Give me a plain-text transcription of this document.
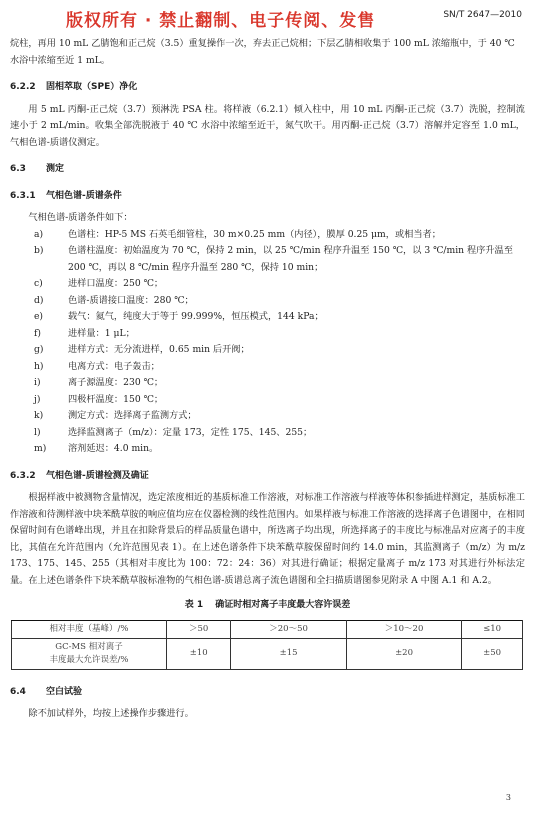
版权所有 · 禁止翻制、电子传阅、发售	SN/T 2647—2010

烷柱，再用 10 mL 乙腈饱和正己烷（3.5）重复操作一次，弃去正己烷相；下层乙腈相收集于 100 mL 浓缩瓶中，于 40 ℃ 水浴中浓缩至近 1 mL。

6.2.2 固相萃取（SPE）净化

用 5 mL 丙酮-正己烷（3.7）预淋洗 PSA 柱。将样液（6.2.1）倾入柱中，用 10 mL 丙酮-正己烷（3.7）洗脱，控制流速小于 2 mL/min。收集全部洗脱液于 40 ℃ 水浴中浓缩至近干，氮气吹干。用丙酮-正己烷（3.7）溶解并定容至 1.0 mL，气相色谱-质谱仪测定。

6.3 测定
6.3.1 气相色谱-质谱条件

气相色谱-质谱条件如下：

a)	色谱柱：HP-5 MS 石英毛细管柱，30 m×0.25 mm（内径），膜厚 0.25 μm，或相当者；
b)	色谱柱温度：初始温度为 70 ℃，保持 2 min，以 25 ℃/min 程序升温至 150 ℃，以 3 ℃/min 程序升温至 200 ℃，再以 8 ℃/min 程序升温至 280 ℃，保持 10 min；
c)	进样口温度：250 ℃；
d)	色谱-质谱接口温度：280 ℃；
e)	载气：氦气，纯度大于等于 99.999%，恒压模式，144 kPa；
f)	进样量：1 μL；
g)	进样方式：无分流进样，0.65 min 后开阀；
h)	电离方式：电子轰击；
i)	离子源温度：230 ℃；
j)	四极杆温度：150 ℃；
k)	测定方式：选择离子监测方式；
l)	选择监测离子（m/z）：定量 173，定性 175、145、255；
m) 溶剂延迟：4.0 min。
6.3.2 气相色谱-质谱检测及确证

根据样液中被测物含量情况，选定浓度相近的基质标准工作溶液，对标准工作溶液与样液等体积参插进样测定，基质标准工作溶液和待测样液中块苯酰草胺的响应值均应在仪器检测的线性范围内。如果样液与标准工作溶液的选择离子色谱图中，在相同保留时间有色谱峰出现，并且在扣除背景后的样品质量色谱中，所选离子均出现，所选择离子的丰度比与标准品对应离子的丰度比，其值在允许范围内（允许范围见表 1）。在上述色谱条件下块苯酰草胺保留时间约 14.0 min，其监测离子（m/z）为 m/z 173、175、145、255（其相对丰度比为 100：72：24：36）对其进行确证；根据定量离子 m/z 173 对其进行外标法定量。在上述色谱条件下块苯酰草胺标准物的气相色谱-质谱总离子流色谱图和全扫描质谱图参见附录 A 中图 A.1 和 A.2。

表 1 确证时相对离子丰度最大容许误差
相对丰度（基峰）/%	＞50	＞20～50	＞10～20	≤10

GC-MS 相对离子
丰度最大允许误差/%	±10	±15	±20	±50
6.4 空白试验

除不加试样外，均按上述操作步骤进行。

3
